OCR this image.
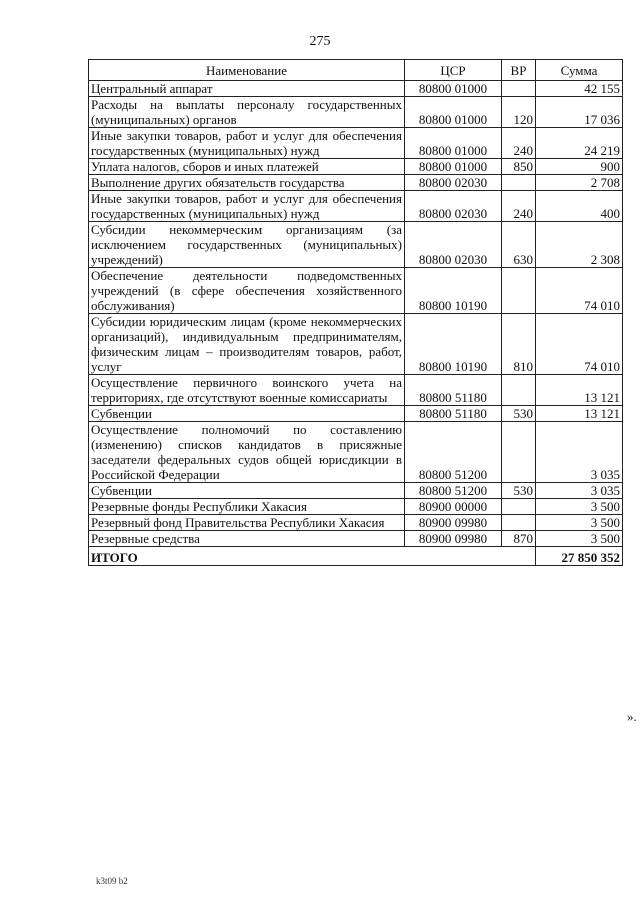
275
Наименование	ЦСР	ВР	Сумма
Центральный аппарат	80800 01000		42 155
Расходы на выплаты персоналу государственных (муниципальных) органов	80800 01000	120	17 036
Иные закупки товаров, работ и услуг для обеспечения государственных (муниципальных) нужд	80800 01000	240	24 219
Уплата налогов, сборов и иных платежей	80800 01000	850	900
Выполнение других обязательств государства	80800 02030		2 708
Иные закупки товаров, работ и услуг для обеспечения государственных (муниципальных) нужд	80800 02030	240	400
Субсидии некоммерческим организациям (за исключением государственных (муниципальных) учреждений)	80800 02030	630	2 308
Обеспечение деятельности подведомственных учреждений (в сфере обеспечения хозяйственного обслуживания)	80800 10190		74 010
Субсидии юридическим лицам (кроме некоммерческих организаций), индивидуальным предпринимателям, физическим лицам – производителям товаров, работ, услуг	80800 10190	810	74 010
Осуществление первичного воинского учета на территориях, где отсутствуют военные комиссариаты	80800 51180		13 121
Субвенции	80800 51180	530	13 121
Осуществление полномочий по составлению (изменению) списков кандидатов в присяжные заседатели федеральных судов общей юрисдикции в Российской Федерации	80800 51200		3 035
Субвенции	80800 51200	530	3 035
Резервные фонды Республики Хакасия	80900 00000		3 500
Резервный фонд Правительства Республики Хакасия	80900 09980		3 500
Резервные средства	80900 09980	870	3 500
ИТОГО			27 850 352
».
k3t09 b2
